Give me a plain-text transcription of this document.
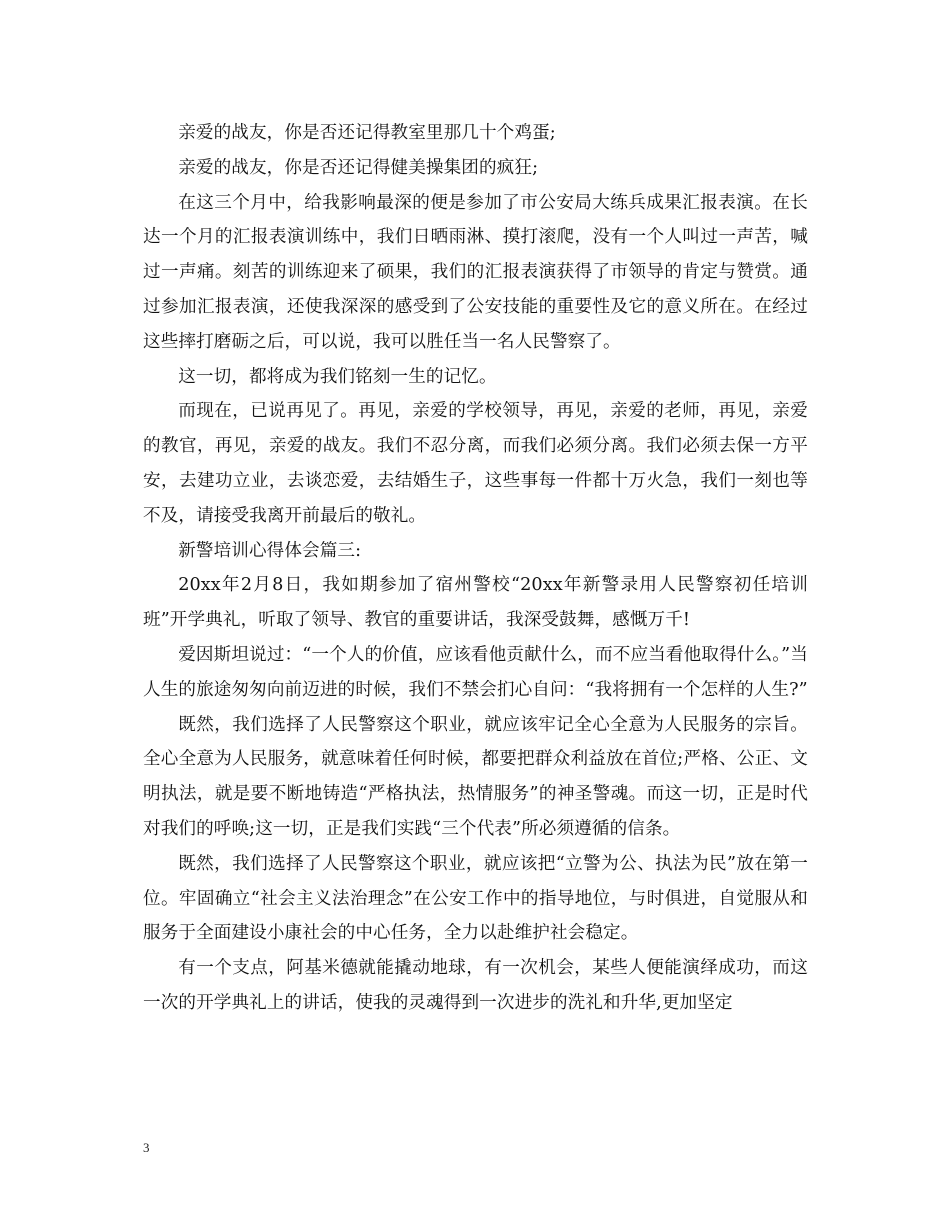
亲爱的战友，你是否还记得教室里那几十个鸡蛋;

亲爱的战友，你是否还记得健美操集团的疯狂;

在这三个月中，给我影响最深的便是参加了市公安局大练兵成果汇报表演。在长达一个月的汇报表演训练中，我们日晒雨淋、摸打滚爬，没有一个人叫过一声苦，喊过一声痛。刻苦的训练迎来了硕果，我们的汇报表演获得了市领导的肯定与赞赏。通过参加汇报表演，还使我深深的感受到了公安技能的重要性及它的意义所在。在经过这些摔打磨砺之后，可以说，我可以胜任当一名人民警察了。

这一切，都将成为我们铭刻一生的记忆。

而现在，已说再见了。再见，亲爱的学校领导，再见，亲爱的老师，再见，亲爱的教官，再见，亲爱的战友。我们不忍分离，而我们必须分离。我们必须去保一方平安，去建功立业，去谈恋爱，去结婚生子，这些事每一件都十万火急，我们一刻也等不及，请接受我离开前最后的敬礼。

新警培训心得体会篇三:

20xx年2月8日，我如期参加了宿州警校“20xx年新警录用人民警察初任培训班”开学典礼，听取了领导、教官的重要讲话，我深受鼓舞，感慨万千!

爱因斯坦说过：“一个人的价值，应该看他贡献什么，而不应当看他取得什么。”当人生的旅途匆匆向前迈进的时候，我们不禁会扪心自问：“我将拥有一个怎样的人生?”

既然，我们选择了人民警察这个职业，就应该牢记全心全意为人民服务的宗旨。全心全意为人民服务，就意味着任何时候，都要把群众利益放在首位;严格、公正、文明执法，就是要不断地铸造“严格执法，热情服务”的神圣警魂。而这一切，正是时代对我们的呼唤;这一切，正是我们实践“三个代表”所必须遵循的信条。

既然，我们选择了人民警察这个职业，就应该把“立警为公、执法为民”放在第一位。牢固确立“社会主义法治理念”在公安工作中的指导地位，与时俱进，自觉服从和服务于全面建设小康社会的中心任务，全力以赴维护社会稳定。

有一个支点，阿基米德就能撬动地球，有一次机会，某些人便能演绎成功，而这一次的开学典礼上的讲话，使我的灵魂得到一次进步的洗礼和升华,更加坚定

3
